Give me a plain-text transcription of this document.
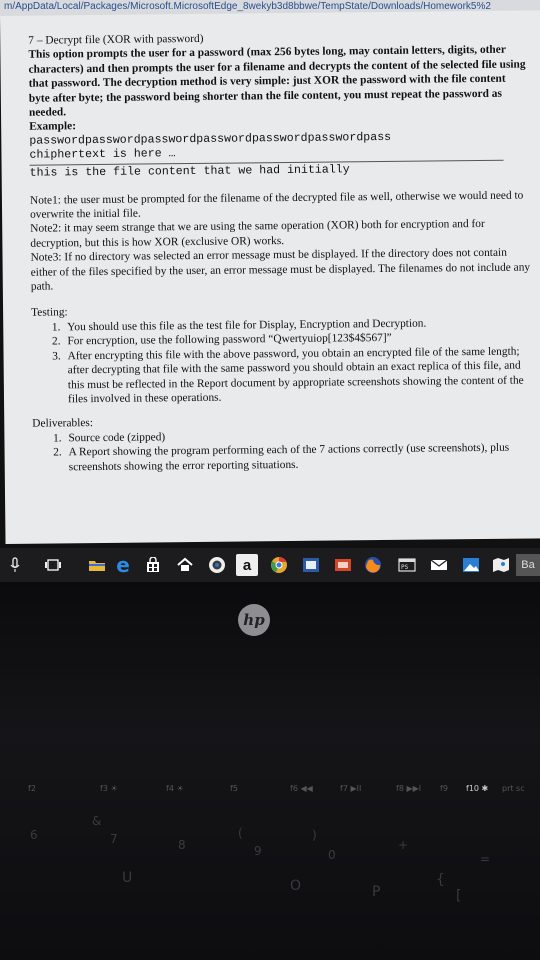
m/AppData/Local/Packages/Microsoft.MicrosoftEdge_8wekyb3d8bbwe/TempState/Downloads/Homework5%2

7 – Decrypt file (XOR with password)

This option prompts the user for a password (max 256 bytes long, may contain letters, digits, other characters) and then prompts the user for a filename and decrypts the content of the selected file using that password. The decryption method is very simple: just XOR the password with the file content byte after byte; the password being shorter than the file content, you must repeat the password as needed.

Example:

passwordpasswordpasswordpasswordpasswordpasswordpass
chiphertext is here …
this is the file content that we had initially

Note1: the user must be prompted for the filename of the decrypted file as well, otherwise we would need to overwrite the initial file.

Note2: it may seem strange that we are using the same operation (XOR) both for encryption and for decryption, but this is how XOR (exclusive OR) works.

Note3: If no directory was selected an error message must be displayed. If the directory does not contain either of the files specified by the user, an error message must be displayed. The filenames do not include any path.

Testing:

1. You should use this file as the test file for Display, Encryption and Decryption.
2. For encryption, use the following password “Qwertyuiop[123$4$567]”
3. After encrypting this file with the above password, you obtain an encrypted file of the same length; after decrypting that file with the same password you should obtain an exact replica of this file, and this must be reflected in the Report document by appropriate screenshots showing the content of the files involved in these operations.

Deliverables:

1. Source code (zipped)
2. A Report showing the program performing each of the 7 actions correctly (use screenshots), plus screenshots showing the error reporting situations.
e	a	PS	Ba
hp
f2	f3 ☀	f4 ☀	f5	f6 ◀◀	f7 ▶II	f8 ▶▶I f9 f10 ✱ prt sc
6
&
7	8
(
9
)
0
+
=
U	O	P
{
[
